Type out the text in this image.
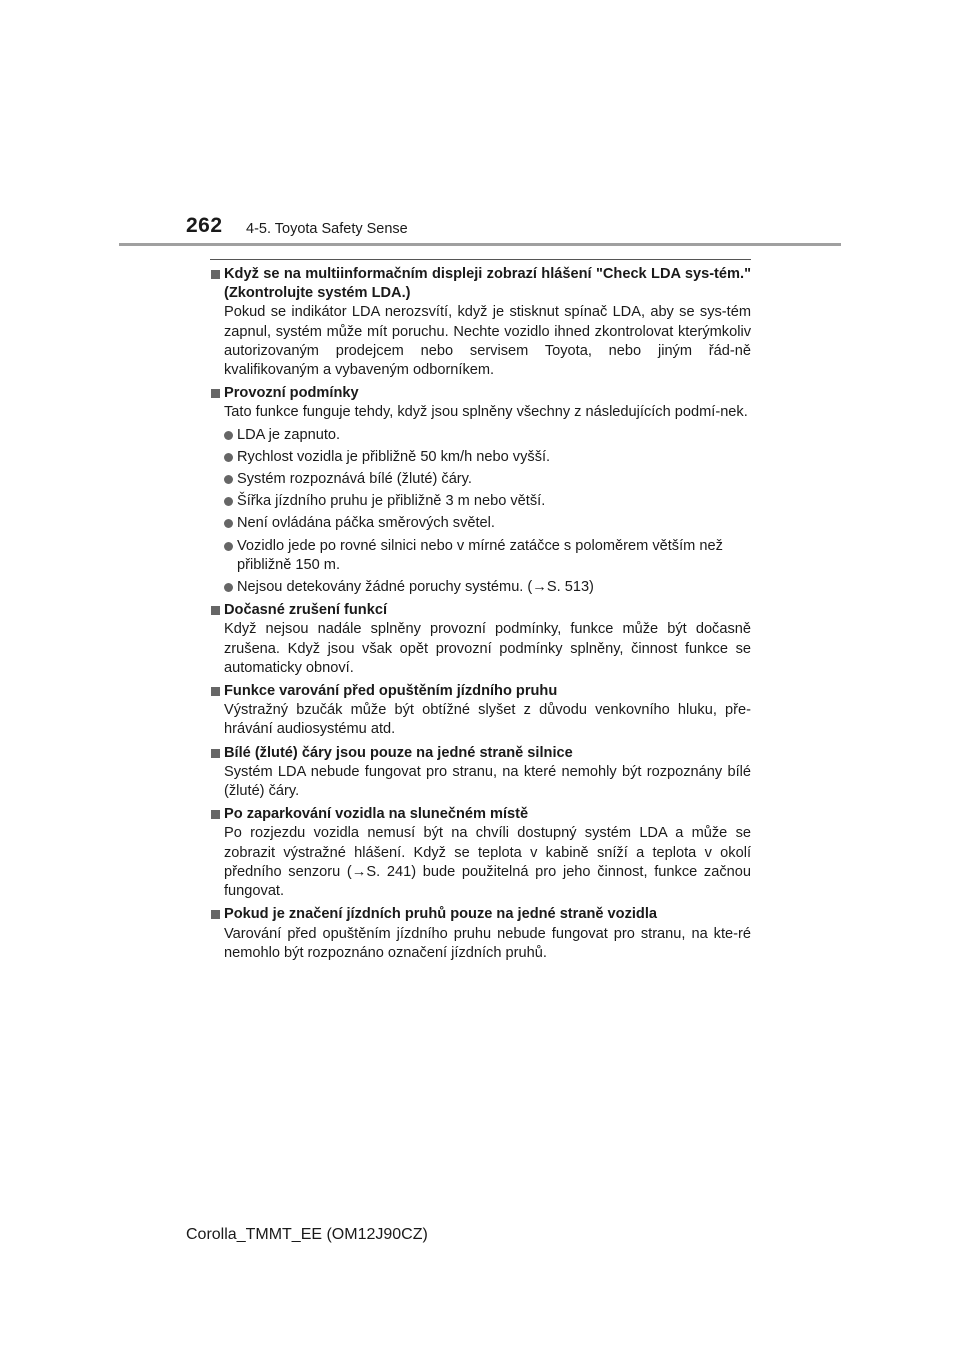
262 4-5. Toyota Safety Sense
Když se na multiinformačním displeji zobrazí hlášení "Check LDA sys-tém." (Zkontrolujte systém LDA.)
Pokud se indikátor LDA nerozsvítí, když je stisknut spínač LDA, aby se sys-tém zapnul, systém může mít poruchu. Nechte vozidlo ihned zkontrolovat kterýmkoliv autorizovaným prodejcem nebo servisem Toyota, nebo jiným řád-ně kvalifikovaným a vybaveným odborníkem.
Provozní podmínky
Tato funkce funguje tehdy, když jsou splněny všechny z následujících podmí-nek.
LDA je zapnuto.
Rychlost vozidla je přibližně 50 km/h nebo vyšší.
Systém rozpoznává bílé (žluté) čáry.
Šířka jízdního pruhu je přibližně 3 m nebo větší.
Není ovládána páčka směrových světel.
Vozidlo jede po rovné silnici nebo v mírné zatáčce s poloměrem větším než přibližně 150 m.
Nejsou detekovány žádné poruchy systému. (→S. 513)
Dočasné zrušení funkcí
Když nejsou nadále splněny provozní podmínky, funkce může být dočasně zrušena. Když jsou však opět provozní podmínky splněny, činnost funkce se automaticky obnoví.
Funkce varování před opuštěním jízdního pruhu
Výstražný bzučák může být obtížné slyšet z důvodu venkovního hluku, pře-hrávání audiosystému atd.
Bílé (žluté) čáry jsou pouze na jedné straně silnice
Systém LDA nebude fungovat pro stranu, na které nemohly být rozpoznány bílé (žluté) čáry.
Po zaparkování vozidla na slunečném místě
Po rozjezdu vozidla nemusí být na chvíli dostupný systém LDA a může se zobrazit výstražné hlášení. Když se teplota v kabině sníží a teplota v okolí předního senzoru (→S. 241) bude použitelná pro jeho činnost, funkce začnou fungovat.
Pokud je značení jízdních pruhů pouze na jedné straně vozidla
Varování před opuštěním jízdního pruhu nebude fungovat pro stranu, na kte-ré nemohlo být rozpoznáno označení jízdních pruhů.
Corolla_TMMT_EE (OM12J90CZ)
